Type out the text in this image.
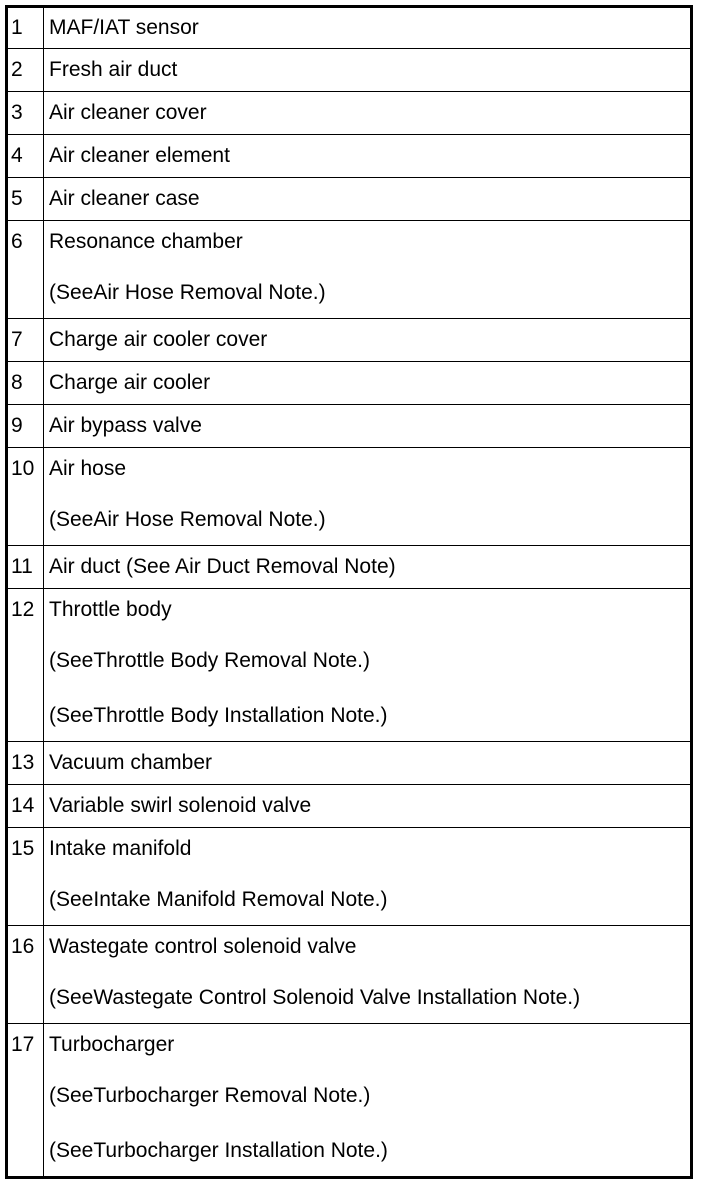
1	MAF/IAT sensor

2	Fresh air duct

3	Air cleaner cover

4	Air cleaner element

5	Air cleaner case

6	Resonance chamber
(SeeAir Hose Removal Note.)

7	Charge air cooler cover

8	Charge air cooler

9	Air bypass valve

10	Air hose
(SeeAir Hose Removal Note.)

11	Air duct (See Air Duct Removal Note)

12	Throttle body
(SeeThrottle Body Removal Note.)
(SeeThrottle Body Installation Note.)

13	Vacuum chamber

14	Variable swirl solenoid valve

15	Intake manifold
(SeeIntake Manifold Removal Note.)

16	Wastegate control solenoid valve
(SeeWastegate Control Solenoid Valve Installation Note.)

17	Turbocharger
(SeeTurbocharger Removal Note.)
(SeeTurbocharger Installation Note.)
